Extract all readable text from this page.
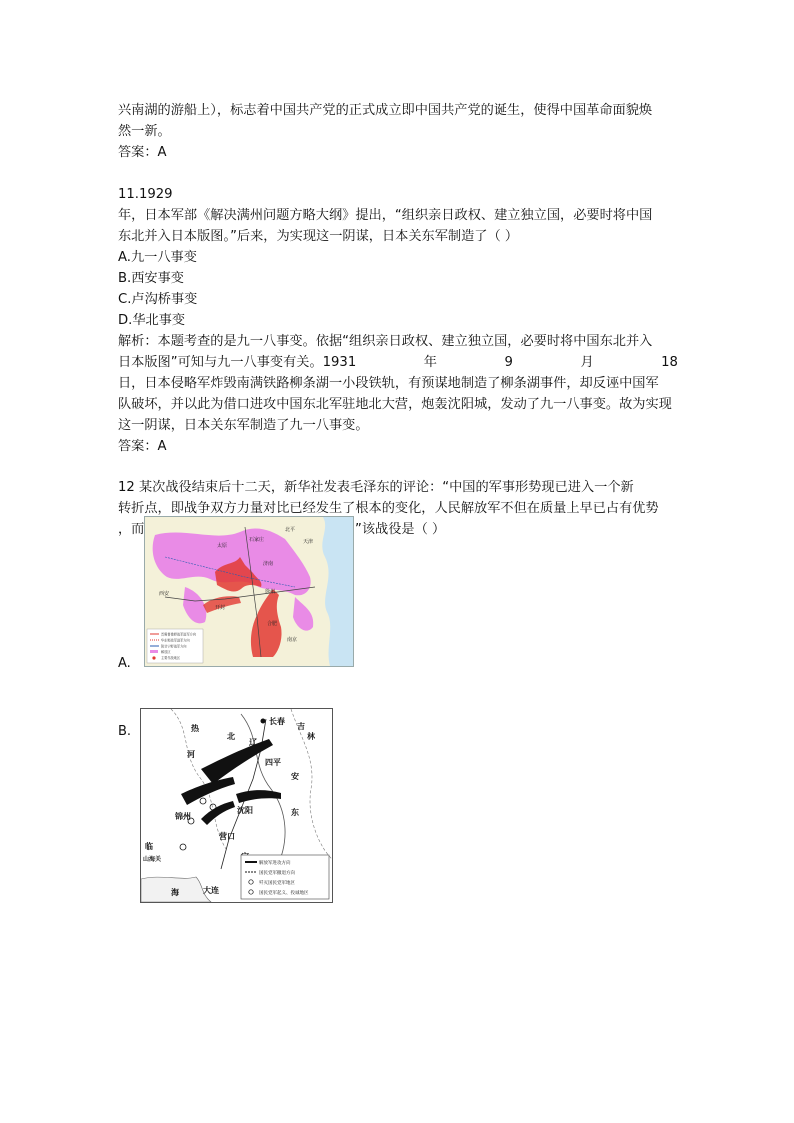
兴南湖的游船上），标志着中国共产党的正式成立即中国共产党的诞生，使得中国革命面貌焕
然一新。
答案：A
11.1929
年，日本军部《解决满州问题方略大纲》提出，“组织亲日政权、建立独立国，必要时将中国
东北并入日本版图。”后来，为实现这一阴谋，日本关东军制造了（ ）
A.九一八事变
B.西安事变
C.卢沟桥事变
D.华北事变
解析：本题考查的是九一八事变。依据“组织亲日政权、建立独立国，必要时将中国东北并入
日本版图”可知与九一八事变有关。1931	年	9	月	18
日，日本侵略军炸毁南满铁路柳条湖一小段铁轨，有预谋地制造了柳条湖事件，却反诬中国军
队破坏，并以此为借口进攻中国东北军驻地北大营，炮轰沈阳城，发动了九一八事变。故为实现
这一阴谋，日本关东军制造了九一八事变。
答案：A
12 某次战役结束后十二天，新华社发表毛泽东的评论：“中国的军事形势现已进入一个新
转折点，即战争双方力量对比已经发生了根本的变化，人民解放军不但在质量上早已占有优势
，而	”该战役是（ ）
北平
天津
济南
徐州
开封
南京
西安
太原
石家庄
合肥
晋冀鲁豫野战军进军方向
华东野战军进军方向
陕甘宁野战军方向
解放区
主要作战地区
A.
B.
长春
四平
锦州
沈阳
营口
大连
辽
吉
林
热
河
东
临
海
北
安
山海关
解放军进攻方向
国民党军撤退方向
歼灭国民党军地区
国民党军起义、投诚地区
